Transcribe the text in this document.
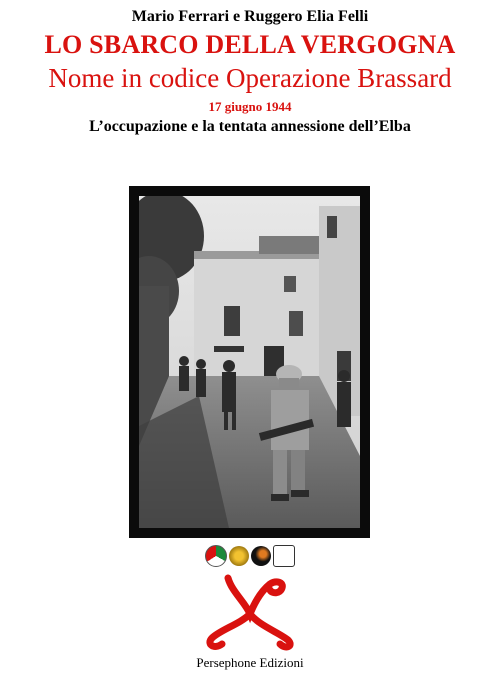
Mario Ferrari e Ruggero Elia Felli
LO SBARCO DELLA VERGOGNA
Nome in codice Operazione Brassard
17 giugno 1944
L’occupazione e la tentata annessione dell’Elba
Persephone Edizioni
